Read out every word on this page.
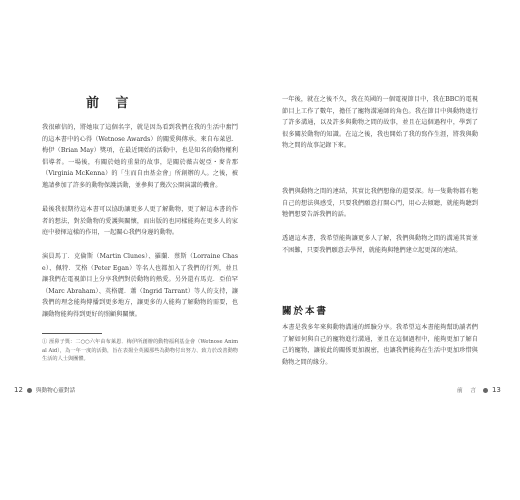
前 言

我很確信的，將她取了這個名字，就是因為看到我們在我的生活中奮鬥的這本書中的心得（Wetnose Awards）的關愛與傳承。來自布萊恩．梅伊（Brian May）獎項，在最近開始的活動中，也是知名的動物權利倡導者。一場後，有關於她的重量的故事，是關於薇吉妮亞・麥肯那（Virginia McKenna）的「生而自由基金會」所創辦的人。之後，被邀請參加了許多的動物保護活動，並參與了幾次公開演講的機會。

最後我很期待這本書可以協助讓更多人更了解動物，更了解這本書的作者的想法，對於動物的愛護與關懷，而出版的也同樣能夠在更多人的家庭中發揮這樣的作用，一起關心我們身邊的動物。

演員馬丁．克倫斯（Martin Clunes）、羅蘭．蔡斯（Lorraine Chase）、佩特．艾格（Peter Egan）等名人也都加入了我們的行列，並且讓我們在電視節目上分享我們對於動物的熱愛。另外還有馬克．亞伯罕（Marc Abraham）、英格麗．蕭（Ingrid Tarrant）等人的支持，讓我們的理念能夠傳播到更多地方，讓更多的人能夠了解動物的需要，也讓動物能夠得到更好的照顧與關懷。

① 溼鼻子獎：二○○六年由布萊恩．梅伊所創辦的動物福利基金會（Wetnose Animal Aid），為一年一度的活動，旨在表揚全英國那些為動物付出努力、致力於改善動物生活的人士與團體。

12 與動物心靈對話

一年後，就在之後不久，我在英國的一個電視節目中，我在BBC的電視節目上工作了數年，擔任了寵物溝通師的角色。我在節目中與動物進行了許多溝通，以及許多與動物之間的故事，並且在這個過程中，學到了很多關於動物的知識。在這之後，我也開始了我的寫作生涯，將我與動物之間的故事記錄下來。

我們與動物之間的連結，其實比我們想像的還要深。每一隻動物都有牠自己的想法與感受，只要我們願意打開心門，用心去傾聽，就能夠聽到牠們想要告訴我們的話。

透過這本書，我希望能夠讓更多人了解，我們與動物之間的溝通其實並不困難，只要我們願意去學習，就能夠與牠們建立起更深的連結。

關於本書

本書是我多年來與動物溝通的經驗分享。我希望這本書能夠幫助讀者們了解如何與自己的寵物進行溝通，並且在這個過程中，能夠更加了解自己的寵物，讓彼此的關係更加親密，也讓我們能夠在生活中更加珍惜與動物之間的緣分。

前 言 13
